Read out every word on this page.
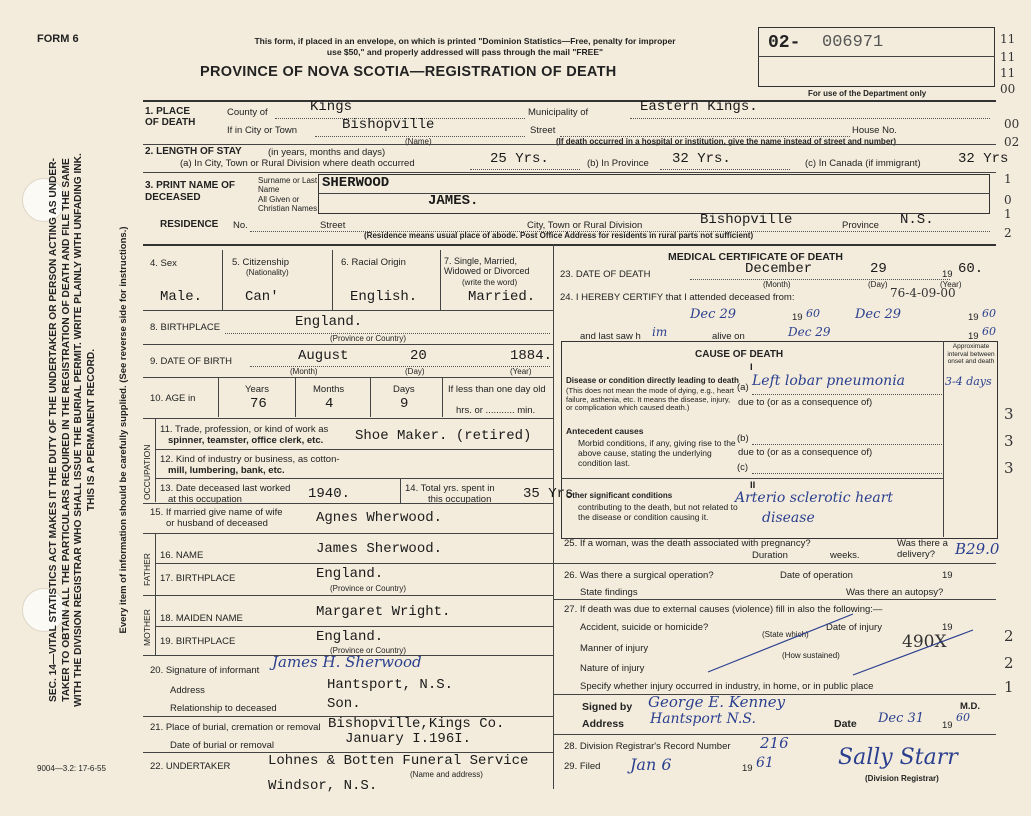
SEC. 14—VITAL STATISTICS ACT MAKES IT THE DUTY OF THE UNDERTAKER OR PERSON ACTING AS UNDER-TAKER TO OBTAIN ALL THE PARTICULARS REQUIRED IN THE REGISTRATION OF DEATH AND FILE THE SAME WITH THE DIVISION REGISTRAR WHO SHALL ISSUE THE BURIAL PERMIT. WRITE PLAINLY WITH UNFADING INK. THIS IS A PERMANENT RECORD.	Every item of information should be carefully supplied. (See reverse side for instructions.)
FORM 6	This form, if placed in an envelope, on which is printed "Dominion Statistics—Free, penalty for improper
use $50," and properly addressed will pass through the mail "FREE"
PROVINCE OF NOVA SCOTIA—REGISTRATION OF DEATH
02- 006971
For use of the Department only
11
11
11
00
00
02
1
0
1
2
1. PLACE OF DEATH
County of	Kings	Municipality of	Eastern Kings.
If in City or Town	Bishopville
(Name)
Street	House No.
(If death occurred in a hospital or institution, give the name instead of street and number)
2. LENGTH OF STAY	(in years, months and days)
(a) In City, Town or Rural Division where death occurred	25 Yrs.	(b) In Province 32 Yrs.	(c) In Canada (if immigrant)	32 Yrs
3. PRINT NAME OF DECEASED
Surname or Last Name
All Given or Christian Names
SHERWOOD
JAMES.
RESIDENCE No.	Street	City, Town or Rural Division	Bishopville	Province N.S.
(Residence means usual place of abode. Post Office Address for residents in rural parts not sufficient)
4. Sex	5. Citizenship
(Nationality)
6. Racial Origin	7. Single, Married, Widowed or Divorced
(write the word)
Male.	Can'	English.	Married.
8. BIRTHPLACE	England.
(Province or Country)
9. DATE OF BIRTH	August	20	1884.
(Month)	(Day)	(Year)
10. AGE in
Years	Months	Days
76	4	9
If less than one day old
hrs. or ........... min.
OCCUPATION
11. Trade, profession, or kind of work as
spinner, teamster, office clerk, etc. Shoe Maker. (retired)
12. Kind of industry or business, as cotton-
mill, lumbering, bank, etc.
13. Date deceased last worked
at this occupation	1940.	14. Total yrs. spent in
this occupation 35 Yrs
15. If married give name of wife
or husband of deceased	Agnes Wherwood.
FATHER 16. NAME	James Sherwood.
17. BIRTHPLACE	England.
(Province or Country)
MOTHER 18. MAIDEN NAME	Margaret Wright.
19. BIRTHPLACE	England.
(Province or Country)
20. Signature of informant James H. Sherwood
Address	Hantsport, N.S.
Relationship to deceased	Son.
21. Place of burial, cremation or removal Bishopville,Kings Co.
Date of burial or removal	January I.196I.
22. UNDERTAKER	Lohnes & Botten Funeral Service
(Name and address)
Windsor, N.S.
9004—3.2: 17-6-55
MEDICAL CERTIFICATE OF DEATH
23. DATE OF DEATH	December	29	19 60.
(Month)	(Day)	(Year)
24. I HEREBY CERTIFY that I attended deceased from:	76-4-09-00
Dec 29	19 60	Dec 29	19 60
and last saw h im	alive on	Dec 29	19 60
CAUSE OF DEATH
Approximate interval between onset and death
I
Disease or condition directly leading to death
(This does not mean the mode of dying, e.g., heart failure, asthenia, etc. It means the disease, injury, or complication which caused death.)
(a) Left lobar pneumonia	3-4 days
due to (or as a consequence of)
Antecedent causes
Morbid conditions, if any, giving rise to the above cause, stating the underlying condition last.
(b)
due to (or as a consequence of)
(c)
II
Other significant conditions
contributing to the death, but not related to the disease or condition causing it.
Arterio sclerotic heart
disease
3
3
3
25. If a woman, was the death associated with pregnancy?
Duration	weeks.
Was there a delivery?	B29.0
26. Was there a surgical operation?	Date of operation	19
State findings	Was there an autopsy?
27. If death was due to external causes (violence) fill in also the following:—
Accident, suicide or homicide?
(State which)
Date of injury	19
Manner of injury	490X	2
(How sustained)
Nature of injury	2
Specify whether injury occurred in industry, in home, or in public place	1
Signed by George E. Kenney	M.D.
Address Hantsport N.S.	Date Dec 31 19
60
28. Division Registrar's Record Number 216
29. Filed Jan 6	19 61	Sally Starr
(Division Registrar)
